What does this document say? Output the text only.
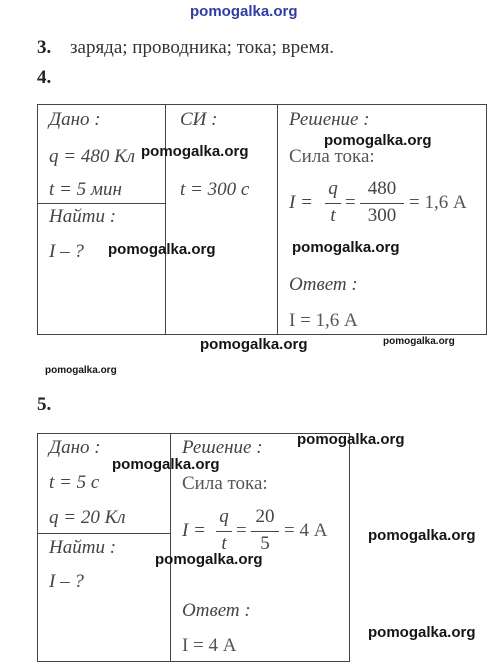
pomogalka.org
3. заряда; проводника; тока; время.
4.
Дано :
q = 480 Кл
t = 5 мин
Найти :
I – ?
СИ :
t = 300 с
Решение :
Сила тока:
I =
q
t
=
480
300
= 1,6 А
Ответ :
I = 1,6 А
5.
Дано :
t = 5 с
q = 20 Кл
Найти :
I – ?
Решение :
Сила тока:
I =
q
t
=
20
5
= 4 А
Ответ :
I = 4 А
pomogalka.org
pomogalka.org
pomogalka.org	pomogalka.org
pomogalka.org	pomogalka.org
pomogalka.org
pomogalka.org
pomogalka.org
pomogalka.org
pomogalka.org
pomogalka.org
